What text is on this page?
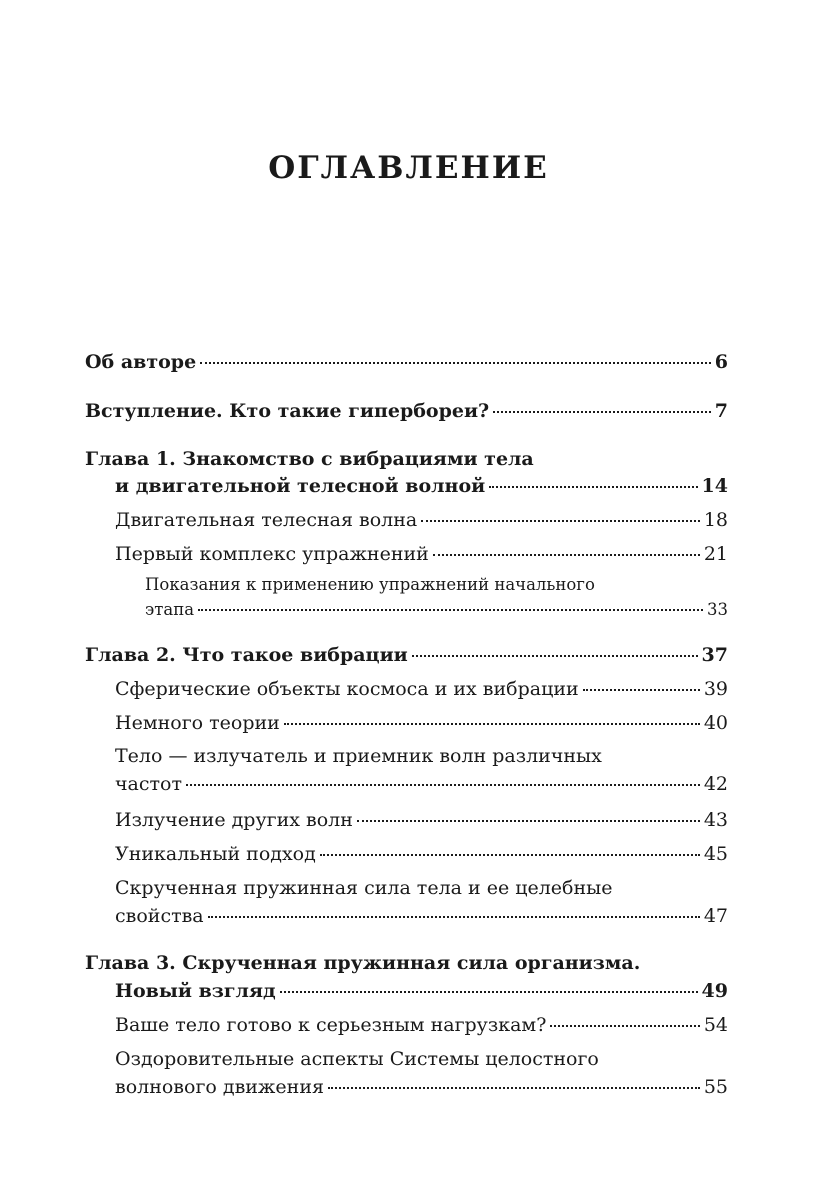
ОГЛАВЛЕНИЕ
Об авторе	6
Вступление. Кто такие гипербореи?	7
Глава 1. Знакомство с вибрациями тела
и двигательной телесной волной	14
Двигательная телесная волна	18
Первый комплекс упражнений	21
Показания к применению упражнений начального
этапа	33
Глава 2. Что такое вибрации	37
Сферические объекты космоса и их вибрации	39
Немного теории	40
Тело — излучатель и приемник волн различных
частот	42
Излучение других волн	43
Уникальный подход	45
Скрученная пружинная сила тела и ее целебные
свойства	47
Глава 3. Скрученная пружинная сила организма.
Новый взгляд	49
Ваше тело готово к серьезным нагрузкам?	54
Оздоровительные аспекты Системы целостного
волнового движения	55
